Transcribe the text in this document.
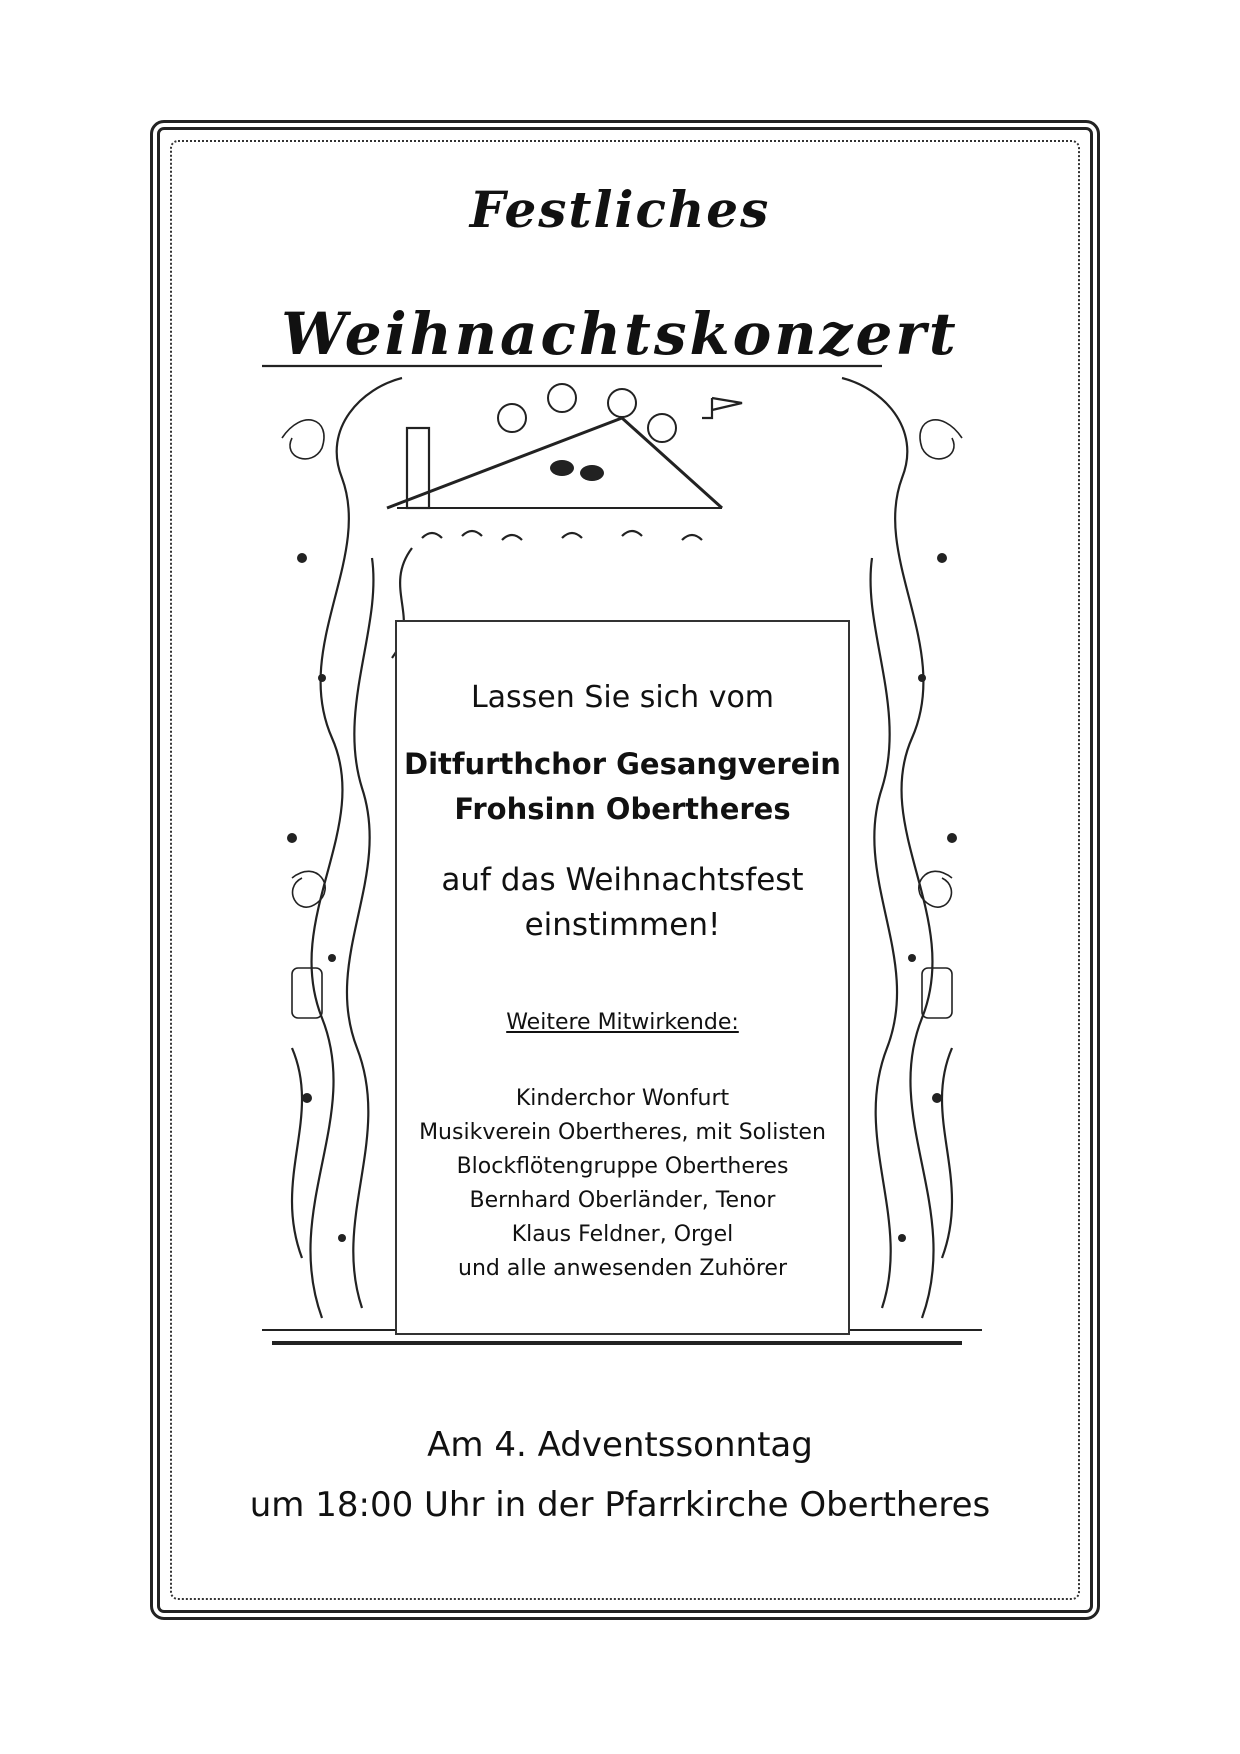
Festliches
Weihnachtskonzert

Lassen Sie sich vom

Ditfurthchor Gesangverein

Frohsinn Obertheres

auf das Weihnachtsfest

einstimmen!

Weitere Mitwirkende:

Kinderchor Wonfurt
Musikverein Obertheres, mit Solisten
Blockflötengruppe Obertheres
Bernhard Oberländer, Tenor
Klaus Feldner, Orgel
und alle anwesenden Zuhörer

Am 4. Adventssonntag

um 18:00 Uhr in der Pfarrkirche Obertheres
